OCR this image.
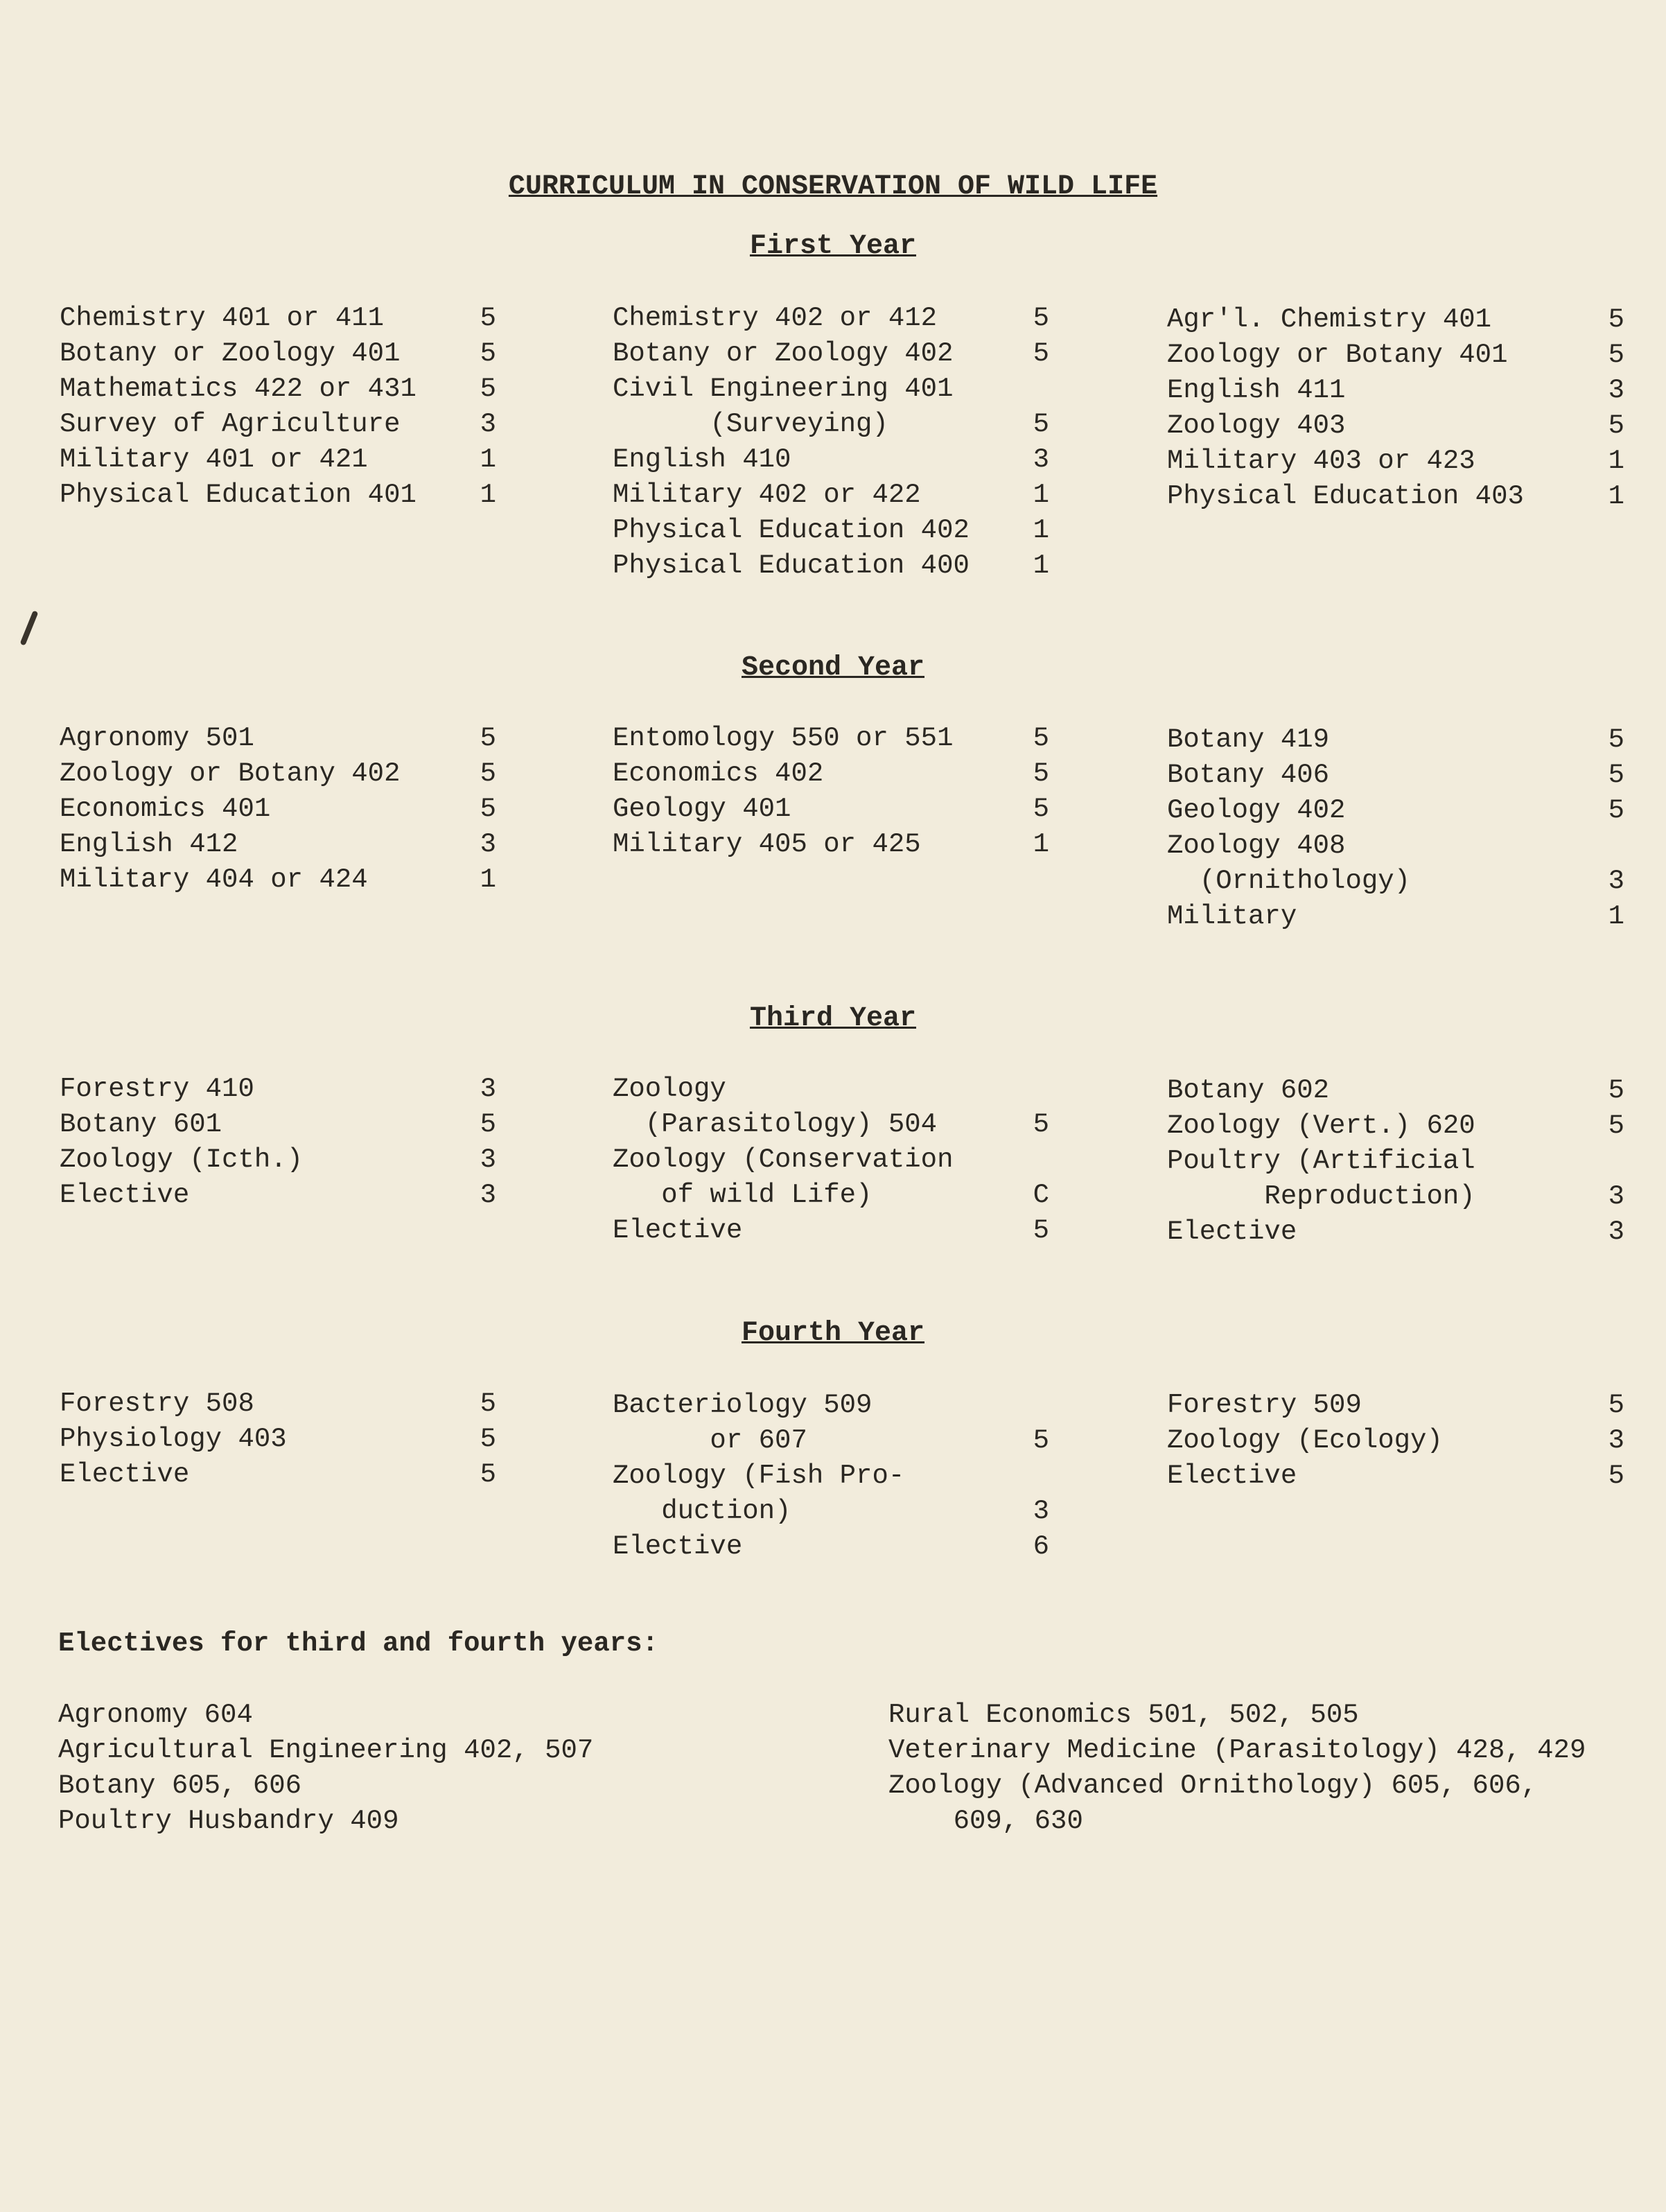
CURRICULUM IN CONSERVATION OF WILD LIFE
First Year
Chemistry 401 or 411	5
Botany or Zoology 401	5
Mathematics 422 or 431	5
Survey of Agriculture	3
Military 401 or 421	1
Physical Education 401	1
Chemistry 402 or 412	5
Botany or Zoology 402	5
Civil Engineering 401
(Surveying)	5
English 410	3
Military 402 or 422	1
Physical Education 402	1
Physical Education 400	1
Agr'l. Chemistry 401	5
Zoology or Botany 401	5
English 411	3
Zoology 403	5
Military 403 or 423	1
Physical Education 403	1
Second Year
Agronomy 501	5
Zoology or Botany 402	5
Economics 401	5
English 412	3
Military 404 or 424	1
Entomology 550 or 551	5
Economics 402	5
Geology 401	5
Military 405 or 425	1
Botany 419	5
Botany 406	5
Geology 402	5
Zoology 408
(Ornithology)	3
Military	1
Third Year
Forestry 410	3
Botany 601	5
Zoology (Icth.)	3
Elective	3
Zoology
(Parasitology) 504	5
Zoology (Conservation
of wild Life)	C
Elective	5
Botany 602	5
Zoology (Vert.) 620	5
Poultry (Artificial
Reproduction)	3
Elective	3
Fourth Year
Forestry 508	5
Physiology 403	5
Elective	5
Bacteriology 509
or 607	5
Zoology (Fish Pro-
duction)	3
Elective	6
Forestry 509	5
Zoology (Ecology)	3
Elective	5
Electives for third and fourth years:
Agronomy 604
Agricultural Engineering 402, 507
Botany 605, 606
Poultry Husbandry 409
Rural Economics 501, 502, 505
Veterinary Medicine (Parasitology) 428, 429
Zoology (Advanced Ornithology) 605, 606,
609, 630
